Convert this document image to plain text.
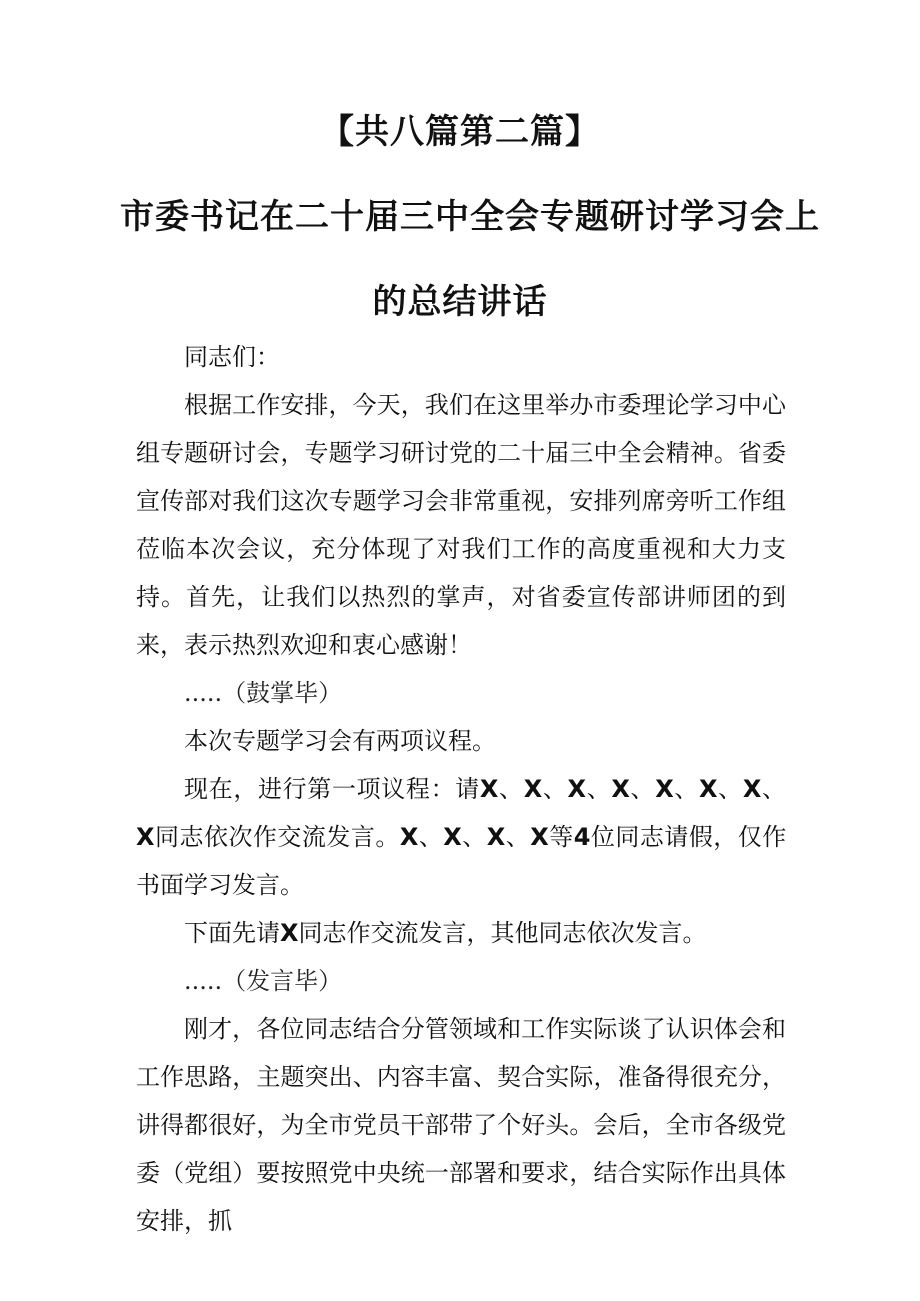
【共八篇第二篇】
市委书记在二十届三中全会专题研讨学习会上
的总结讲话

同志们：

根据工作安排，今天，我们在这里举办市委理论学习中心组专题研讨会，专题学习研讨党的二十届三中全会精神。省委宣传部对我们这次专题学习会非常重视，安排列席旁听工作组莅临本次会议，充分体现了对我们工作的高度重视和大力支持。首先，让我们以热烈的掌声，对省委宣传部讲师团的到来，表示热烈欢迎和衷心感谢！

.....（鼓掌毕）

本次专题学习会有两项议程。

现在，进行第一项议程：请X、X、X、X、X、X、X、X同志依次作交流发言。X、X、X、X等4位同志请假，仅作书面学习发言。

下面先请X同志作交流发言，其他同志依次发言。

.....（发言毕）

刚才，各位同志结合分管领域和工作实际谈了认识体会和工作思路，主题突出、内容丰富、契合实际，准备得很充分，讲得都很好，为全市党员干部带了个好头。会后，全市各级党委（党组）要按照党中央统一部署和要求，结合实际作出具体安排，抓
